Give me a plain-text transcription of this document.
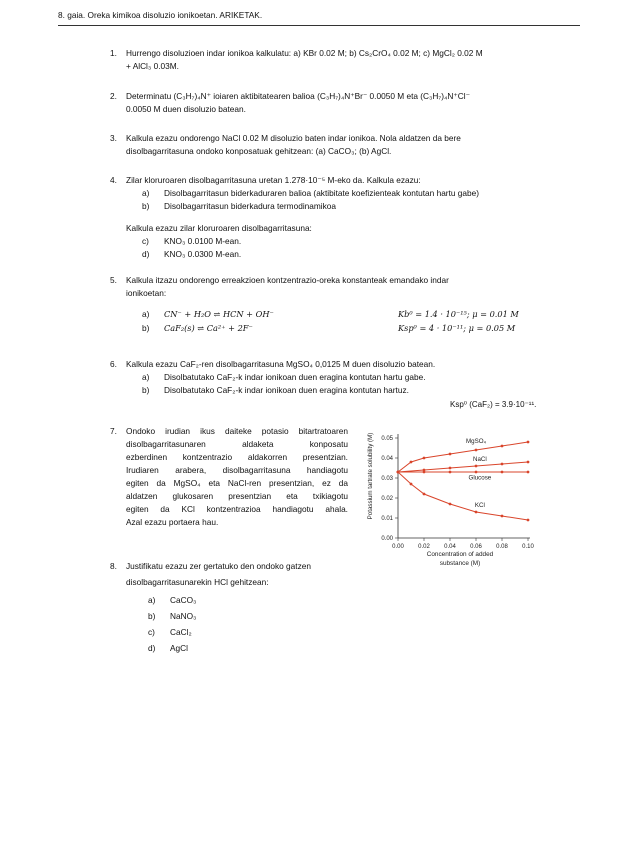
8. gaia. Oreka kimikoa disoluzio ionikoetan. ARIKETAK.
1. Hurrengo disoluzioen indar ionikoa kalkulatu: a) KBr 0.02 M; b) Cs₂CrO₄ 0.02 M; c) MgCl₂ 0.02 M
+ AlCl₃ 0.03M.
2. Determinatu (C₃H₇)₄N⁺ ioiaren aktibitatearen balioa (C₃H₇)₄N⁺Br⁻ 0.0050 M eta (C₃H₇)₄N⁺Cl⁻
0.0050 M duen disoluzio batean.
3. Kalkula ezazu ondorengo NaCl 0.02 M disoluzio baten indar ionikoa. Nola aldatzen da bere
disolbagarritasuna ondoko konposatuak gehitzean: (a) CaCO₃; (b) AgCl.
4. Zilar kloruroaren disolbagarritasuna uretan 1.278·10⁻⁵ M-eko da. Kalkula ezazu:
a) Disolbagarritasun biderkaduraren balioa (aktibitate koefizienteak kontutan hartu gabe)
b) Disolbagarritasun biderkadura termodinamikoa
Kalkula ezazu zilar kloruroaren disolbagarritasuna:
c) KNO₃ 0.0100 M-ean.
d) KNO₃ 0.0300 M-ean.
5. Kalkula itzazu ondorengo erreakzioen kontzentrazio-oreka konstanteak emandako indar
ionikoetan:
a) CN⁻ + H₂O ⇌ HCN + OH⁻	Kb⁰ = 1.4 · 10⁻¹⁵; μ = 0.01 M
b) CaF₂(s) ⇌ Ca²⁺ + 2F⁻	Ksp⁰ = 4 · 10⁻¹¹; μ = 0.05 M
6. Kalkula ezazu CaF₂-ren disolbagarritasuna MgSO₄ 0,0125 M duen disoluzio batean.
a) Disolbatutako CaF₂-k indar ionikoan duen eragina kontutan hartu gabe.
b) Disolbatutako CaF₂-k indar ionikoan duen eragina kontutan hartuz.
Ksp⁰ (CaF₂) = 3.9·10⁻¹¹.
7. Ondoko irudian ikus daiteke potasio bitartratoaren
disolbagarritasunaren aldaketa konposatu
ezberdinen kontzentrazio aldakorren presentzian.
Irudiaren arabera, disolbagarritasuna handiagotu
egiten da MgSO₄ eta NaCl-ren presentzian, ez da
aldatzen glukosaren presentzian eta txikiagotu
egiten da KCl kontzentrazioa handiagotu ahala.
Azal ezazu portaera hau.
Potassium tartrate solubility (M)
Concentration of added
substance (M)
0.00
0.01
0.02
0.03
0.04
0.05
0.00 0.02 0.04 0.06 0.08 0.10
MgSO₄
NaCl
Glucose
KCl
8. Justifikatu ezazu zer gertatuko den ondoko gatzen
disolbagarritasunarekin HCl gehitzean:
a) CaCO₃
b) NaNO₃
c) CaCl₂
d) AgCl
